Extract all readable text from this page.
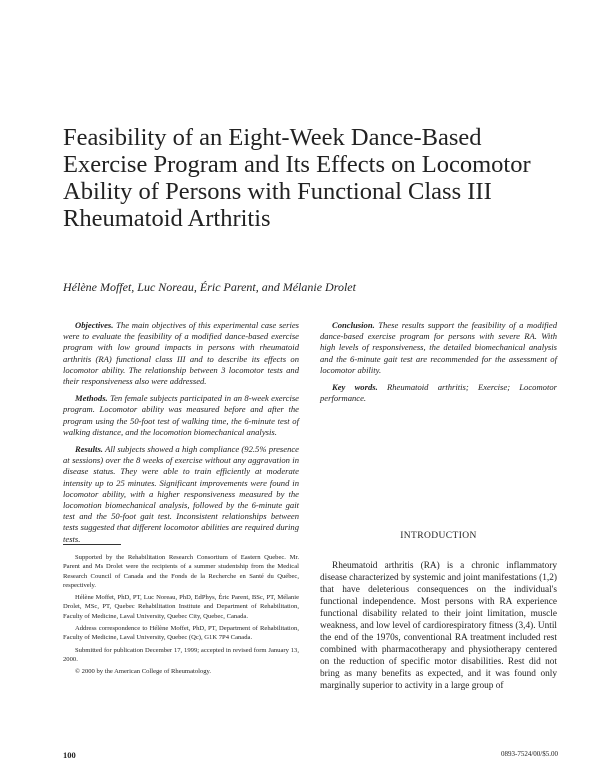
Feasibility of an Eight-Week Dance-Based Exercise Program and Its Effects on Locomotor Ability of Persons with Functional Class III Rheumatoid Arthritis
Hélène Moffet, Luc Noreau, Éric Parent, and Mélanie Drolet

Objectives. The main objectives of this experimental case series were to evaluate the feasibility of a modified dance-based exercise program with low ground impacts in persons with rheumatoid arthritis (RA) functional class III and to describe its effects on locomotor ability. The relationship between 3 locomotor tests and their responsiveness also were addressed.

Methods. Ten female subjects participated in an 8-week exercise program. Locomotor ability was measured before and after the program using the 50-foot test of walking time, the 6-minute test of walking distance, and the locomotion biomechanical analysis.

Results. All subjects showed a high compliance (92.5% presence at sessions) over the 8 weeks of exercise without any aggravation in disease status. They were able to train efficiently at moderate intensity up to 25 minutes. Significant improvements were found in locomotor ability, with a higher responsiveness measured by the locomotion biomechanical analysis, followed by the 6-minute gait test and the 50-foot gait test. Inconsistent relationships between tests suggested that different locomotor abilities are required during tests.

Conclusion. These results support the feasibility of a modified dance-based exercise program for persons with severe RA. With high levels of responsiveness, the detailed biomechanical analysis and the 6-minute gait test are recommended for the assessment of locomotor ability.

Key words. Rheumatoid arthritis; Exercise; Locomotor performance.

Supported by the Rehabilitation Research Consortium of Eastern Quebec. Mr. Parent and Ms Drolet were the recipients of a summer studentship from the Medical Research Council of Canada and the Fonds de la Recherche en Santé du Québec, respectively.

Hélène Moffet, PhD, PT, Luc Noreau, PhD, EdPhys, Éric Parent, BSc, PT, Mélanie Drolet, MSc, PT, Quebec Rehabilitation Institute and Department of Rehabilitation, Faculty of Medicine, Laval University, Quebec City, Quebec, Canada.

Address correspondence to Hélène Moffet, PhD, PT, Department of Rehabilitation, Faculty of Medicine, Laval University, Quebec (Qc), G1K 7P4 Canada.

Submitted for publication December 17, 1999; accepted in revised form January 13, 2000.

© 2000 by the American College of Rheumatology.

INTRODUCTION

Rheumatoid arthritis (RA) is a chronic inflammatory disease characterized by systemic and joint manifestations (1,2) that have deleterious consequences on the individual's functional independence. Most persons with RA experience functional disability related to their joint limitation, muscle weakness, and low level of cardiorespiratory fitness (3,4). Until the end of the 1970s, conventional RA treatment included rest combined with pharmacotherapy and physiotherapy centered on the reduction of specific motor disabilities. Rest did not bring as many benefits as expected, and it was found only marginally superior to activity in a large group of

100	0893-7524/00/$5.00
